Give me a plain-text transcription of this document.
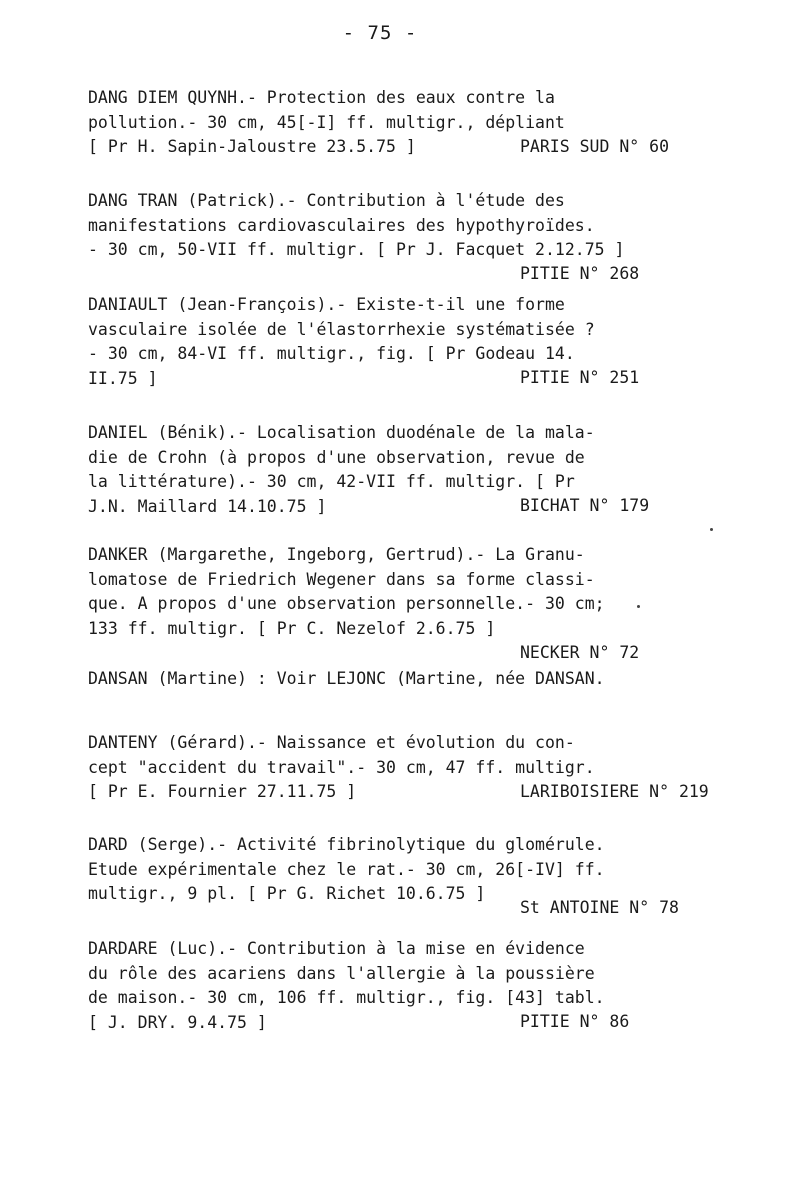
- 75 -
DANG DIEM QUYNH.- Protection des eaux contre la
pollution.- 30 cm, 45[-I] ff. multigr., dépliant
[ Pr H. Sapin-Jaloustre 23.5.75 ]	PARIS SUD N° 60
DANG TRAN (Patrick).- Contribution à l'étude des
manifestations cardiovasculaires des hypothyroïdes.
- 30 cm, 50-VII ff. multigr. [ Pr J. Facquet 2.12.75 ]
PITIE N° 268
DANIAULT (Jean-François).- Existe-t-il une forme
vasculaire isolée de l'élastorrhexie systématisée ?
- 30 cm, 84-VI ff. multigr., fig. [ Pr Godeau 14.
II.75 ]	PITIE N° 251
DANIEL (Bénik).- Localisation duodénale de la mala-
die de Crohn (à propos d'une observation, revue de
la littérature).- 30 cm, 42-VII ff. multigr. [ Pr
J.N. Maillard 14.10.75 ]	BICHAT N° 179
DANKER (Margarethe, Ingeborg, Gertrud).- La Granu-
lomatose de Friedrich Wegener dans sa forme classi-
que. A propos d'une observation personnelle.- 30 cm;
133 ff. multigr. [ Pr C. Nezelof 2.6.75 ]
NECKER N° 72
DANSAN (Martine) : Voir LEJONC (Martine, née DANSAN.
DANTENY (Gérard).- Naissance et évolution du con-
cept "accident du travail".- 30 cm, 47 ff. multigr.
[ Pr E. Fournier 27.11.75 ]	LARIBOISIERE N° 219
DARD (Serge).- Activité fibrinolytique du glomérule.
Etude expérimentale chez le rat.- 30 cm, 26[-IV] ff.
multigr., 9 pl. [ Pr G. Richet 10.6.75 ]
St ANTOINE N° 78
DARDARE (Luc).- Contribution à la mise en évidence
du rôle des acariens dans l'allergie à la poussière
de maison.- 30 cm, 106 ff. multigr., fig. [43] tabl.
[ J. DRY. 9.4.75 ]	PITIE N° 86
